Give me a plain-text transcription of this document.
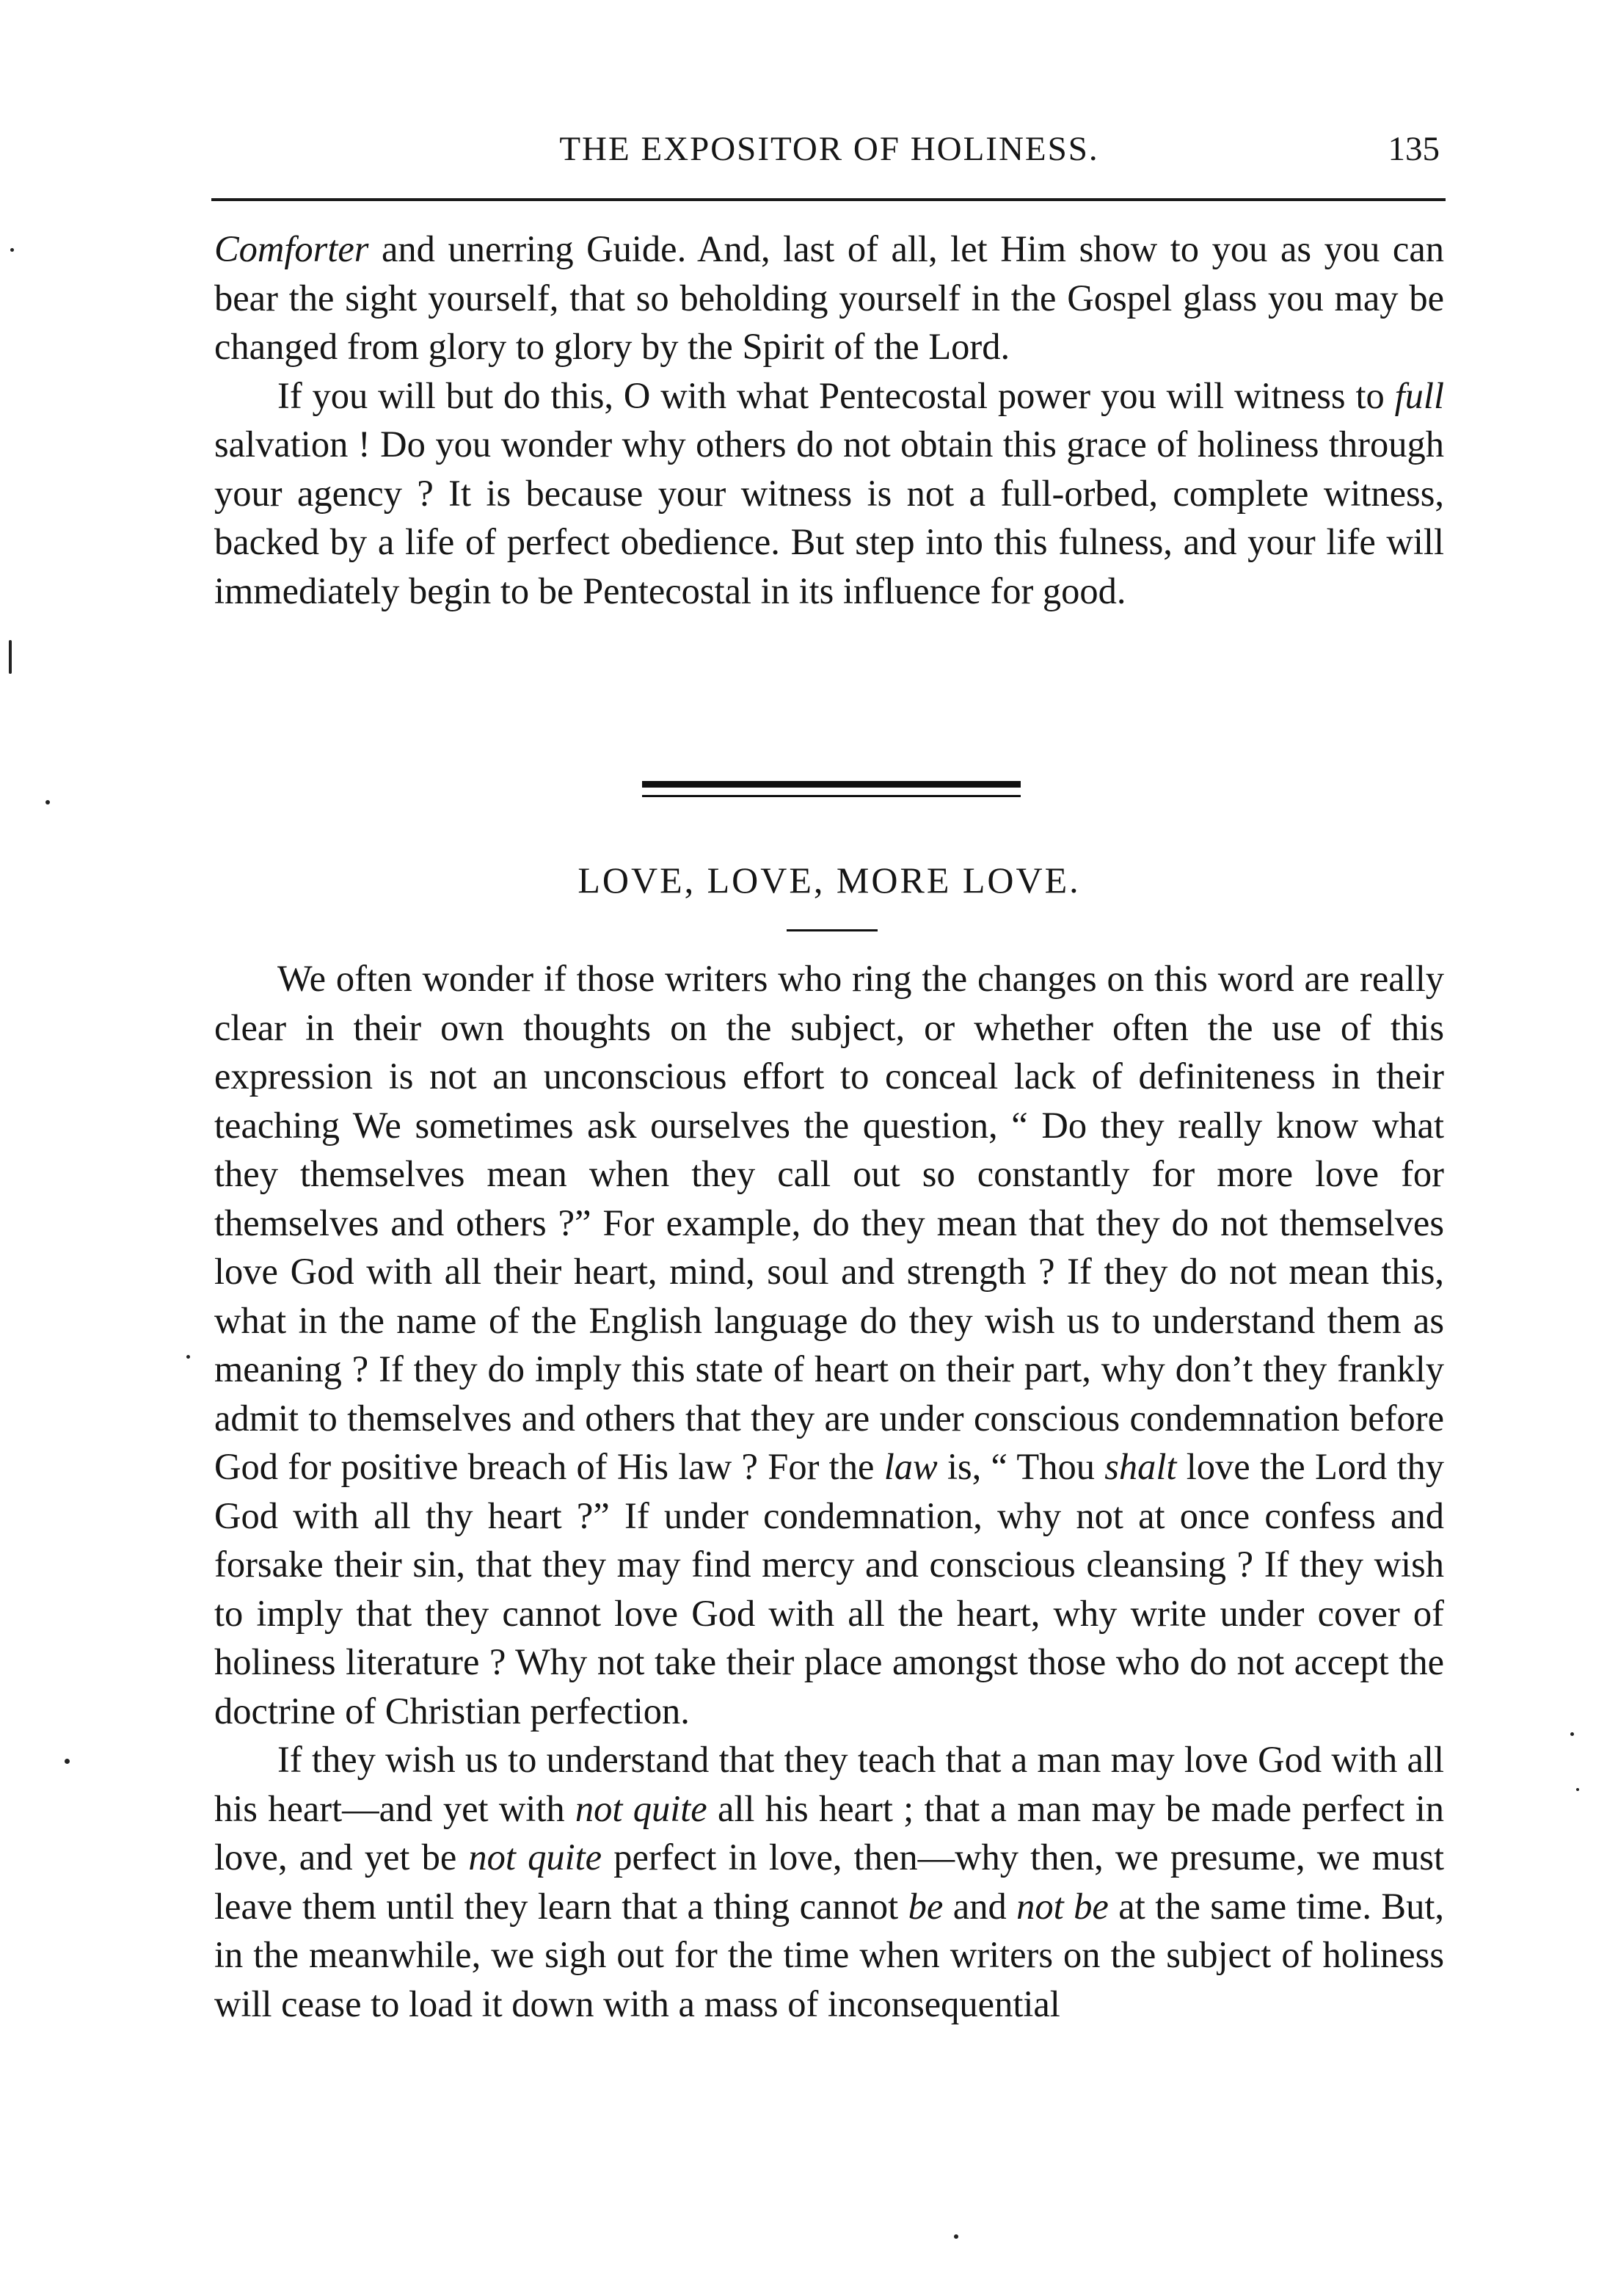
THE EXPOSITOR OF HOLINESS.	135

Comforter and unerring Guide. And, last of all, let Him show to you as you can bear the sight yourself, that so beholding yourself in the Gospel glass you may be changed from glory to glory by the Spirit of the Lord.

If you will but do this, O with what Pentecostal power you will witness to full salvation ! Do you wonder why others do not obtain this grace of holiness through your agency ? It is because your witness is not a full-orbed, complete witness, backed by a life of perfect obedience. But step into this fulness, and your life will immediately begin to be Pentecostal in its influence for good.

LOVE, LOVE, MORE LOVE.

We often wonder if those writers who ring the changes on this word are really clear in their own thoughts on the subject, or whether often the use of this expression is not an unconscious effort to conceal lack of definiteness in their teaching We sometimes ask ourselves the question, “ Do they really know what they themselves mean when they call out so constantly for more love for themselves and others ?” For example, do they mean that they do not themselves love God with all their heart, mind, soul and strength ? If they do not mean this, what in the name of the English language do they wish us to understand them as meaning ? If they do imply this state of heart on their part, why don’t they frankly admit to themselves and others that they are under conscious condemnation before God for positive breach of His law ? For the law is, “ Thou shalt love the Lord thy God with all thy heart ?” If under condemnation, why not at once confess and forsake their sin, that they may find mercy and conscious cleansing ? If they wish to imply that they cannot love God with all the heart, why write under cover of holiness literature ? Why not take their place amongst those who do not accept the doctrine of Christian perfection.

If they wish us to understand that they teach that a man may love God with all his heart—and yet with not quite all his heart ; that a man may be made perfect in love, and yet be not quite perfect in love, then—why then, we presume, we must leave them until they learn that a thing cannot be and not be at the same time. But, in the meanwhile, we sigh out for the time when writers on the subject of holiness will cease to load it down with a mass of inconsequential
